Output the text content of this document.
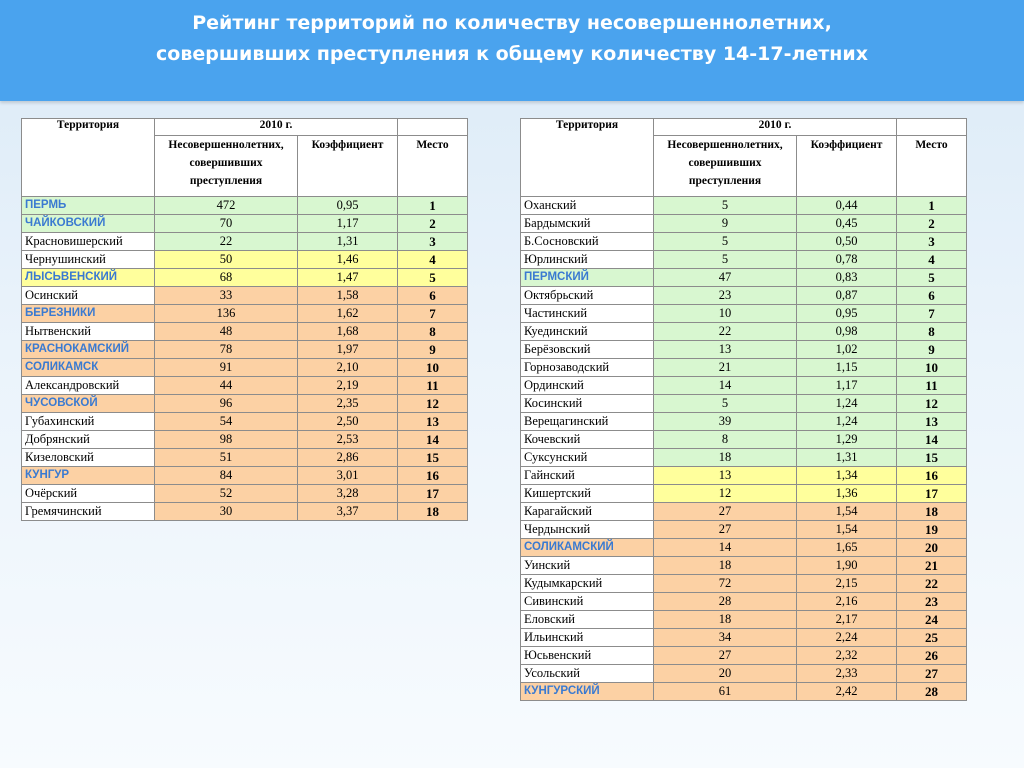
Рейтинг территорий по количеству несовершеннолетних,
совершивших преступления к общему количеству 14-17-летних
Территория	2010 г.		
	Несовершеннолетних, совершивших преступления	Коэффициент	Место
ПЕРМЬ	472	0,95	1
ЧАЙКОВСКИЙ	70	1,17	2
Красновишерский	22	1,31	3
Чернушинский	50	1,46	4
ЛЫСЬВЕНСКИЙ	68	1,47	5
Осинский	33	1,58	6
БЕРЕЗНИКИ	136	1,62	7
Нытвенский	48	1,68	8
КРАСНОКАМСКИЙ	78	1,97	9
СОЛИКАМСК	91	2,10	10
Александровский	44	2,19	11
ЧУСОВСКОЙ	96	2,35	12
Губахинский	54	2,50	13
Добрянский	98	2,53	14
Кизеловский	51	2,86	15
КУНГУР	84	3,01	16
Очёрский	52	3,28	17
Гремячинский	30	3,37	18
Территория	2010 г.		
	Несовершеннолетних, совершивших преступления	Коэффициент	Место
Оханский	5	0,44	1
Бардымский	9	0,45	2
Б.Сосновский	5	0,50	3
Юрлинский	5	0,78	4
ПЕРМСКИЙ	47	0,83	5
Октябрьский	23	0,87	6
Частинский	10	0,95	7
Куединский	22	0,98	8
Берёзовский	13	1,02	9
Горнозаводский	21	1,15	10
Ординский	14	1,17	11
Косинский	5	1,24	12
Верещагинский	39	1,24	13
Кочевский	8	1,29	14
Суксунский	18	1,31	15
Гайнский	13	1,34	16
Кишертский	12	1,36	17
Карагайский	27	1,54	18
Чердынский	27	1,54	19
СОЛИКАМСКИЙ	14	1,65	20
Уинский	18	1,90	21
Кудымкарский	72	2,15	22
Сивинский	28	2,16	23
Еловский	18	2,17	24
Ильинский	34	2,24	25
Юсьвенский	27	2,32	26
Усольский	20	2,33	27
КУНГУРСКИЙ	61	2,42	28
